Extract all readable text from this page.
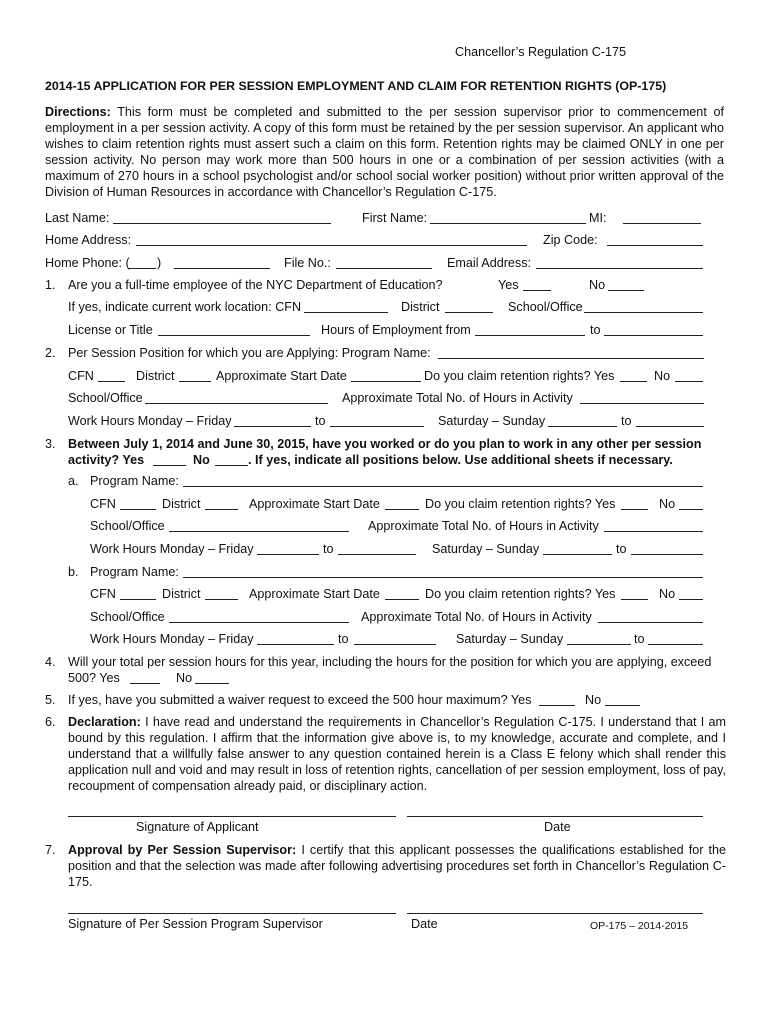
Chancellor’s Regulation C-175
2014-15 APPLICATION FOR PER SESSION EMPLOYMENT AND CLAIM FOR RETENTION RIGHTS (OP-175)
Directions: This form must be completed and submitted to the per session supervisor prior to commencement of employment in a per session activity. A copy of this form must be retained by the per session supervisor. An applicant who wishes to claim retention rights must assert such a claim on this form. Retention rights may be claimed ONLY in one per session activity. No person may work more than 500 hours in one or a combination of per session activities (with a maximum of 270 hours in a school psychologist and/or school social worker position) without prior written approval of the Division of Human Resources in accordance with Chancellor’s Regulation C-175.
Last Name:	First Name:	MI:
Home Address:	Zip Code:
Home Phone: ( )	File No.:	Email Address:
1. Are you a full-time employee of the NYC Department of Education?	Yes	No
If yes, indicate current work location: CFN	District	School/Office
License or Title	Hours of Employment from	to
2. Per Session Position for which you are Applying: Program Name:
CFN	District	Approximate Start Date	Do you claim retention rights? Yes	No
School/Office	Approximate Total No. of Hours in Activity
Work Hours Monday – Friday	to	Saturday – Sunday	to
3. Between July 1, 2014 and June 30, 2015, have you worked or do you plan to work in any other per session
activity? Yes	No	. If yes, indicate all positions below. Use additional sheets if necessary.
a. Program Name:
CFN	District	Approximate Start Date	Do you claim retention rights? Yes	No
School/Office	Approximate Total No. of Hours in Activity
Work Hours Monday – Friday	to	Saturday – Sunday	to
b. Program Name:
CFN	District	Approximate Start Date	Do you claim retention rights? Yes	No
School/Office	Approximate Total No. of Hours in Activity
Work Hours Monday – Friday	to	Saturday – Sunday	to
4. Will your total per session hours for this year, including the hours for the position for which you are applying, exceed
500? Yes	No
5. If yes, have you submitted a waiver request to exceed the 500 hour maximum? Yes	No
6. Declaration: I have read and understand the requirements in Chancellor’s Regulation C-175. I understand that I am bound by this regulation. I affirm that the information give above is, to my knowledge, accurate and complete, and I understand that a willfully false answer to any question contained herein is a Class E felony which shall render this application null and void and may result in loss of retention rights, cancellation of per session employment, loss of pay, recoupment of compensation already paid, or disciplinary action.
Signature of Applicant	Date
7. Approval by Per Session Supervisor: I certify that this applicant possesses the qualifications established for the position and that the selection was made after following advertising procedures set forth in Chancellor’s Regulation C-175.
Signature of Per Session Program Supervisor	Date	OP-175 – 2014-2015
